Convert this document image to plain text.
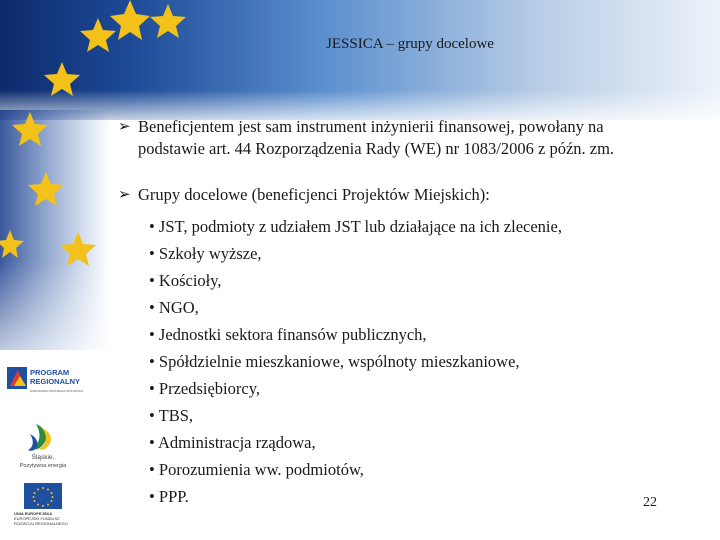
JESSICA – grupy docelowe
➢ Beneficjentem jest sam instrument inżynierii finansowej, powołany na
podstawie art. 44 Rozporządzenia Rady (WE) nr 1083/2006 z późn. zm.
➢ Grupy docelowe (beneficjenci Projektów Miejskich):
• JST, podmioty z udziałem JST lub działające na ich zlecenie,
• Szkoły wyższe,
• Kościoły,
• NGO,
• Jednostki sektora finansów publicznych,
• Spółdzielnie mieszkaniowe, wspólnoty mieszkaniowe,
• Przedsiębiorcy,
• TBS,
• Administracja rządowa,
• Porozumienia ww. podmiotów,
• PPP.	22
PROGRAM
REGIONALNY
NARODOWA STRATEGIA SPÓJNOŚCI
Śląskie.
Pozytywna energia
UNIA EUROPEJSKA
EUROPEJSKI FUNDUSZ
ROZWOJU REGIONALNEGO
